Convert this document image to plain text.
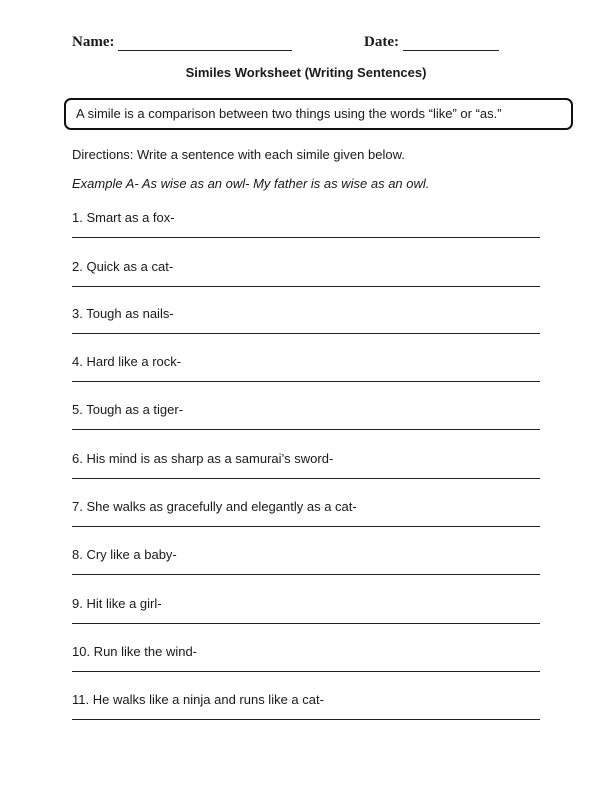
Name:	Date:
Similes Worksheet (Writing Sentences)
A simile is a comparison between two things using the words “like” or “as.”
Directions: Write a sentence with each simile given below.
Example A- As wise as an owl- My father is as wise as an owl.
1. Smart as a fox-
2. Quick as a cat-
3. Tough as nails-
4. Hard like a rock-
5. Tough as a tiger-
6. His mind is as sharp as a samurai’s sword-
7. She walks as gracefully and elegantly as a cat-
8. Cry like a baby-
9. Hit like a girl-
10. Run like the wind-
11. He walks like a ninja and runs like a cat-
